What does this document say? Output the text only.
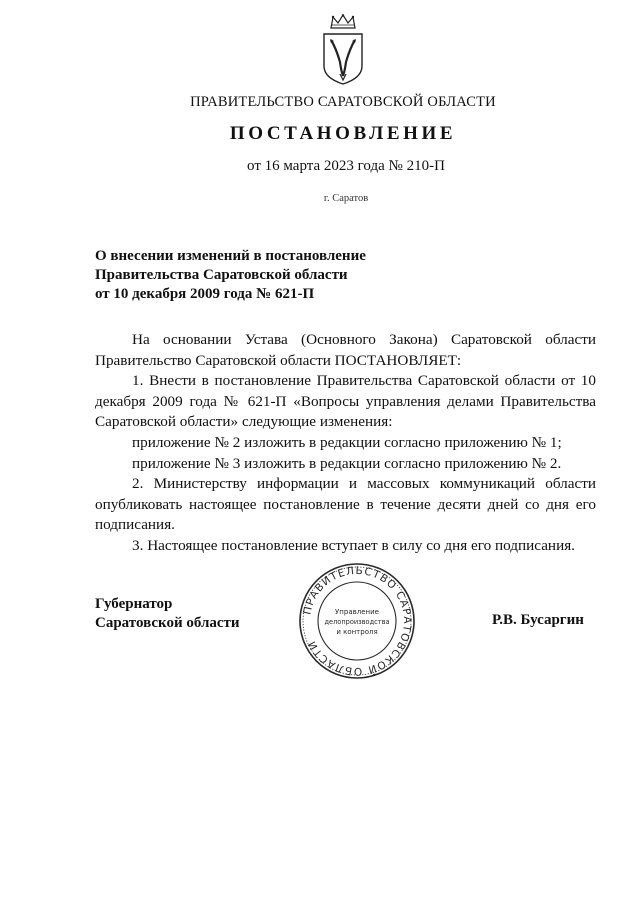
ПРАВИТЕЛЬСТВО САРАТОВСКОЙ ОБЛАСТИ
ПОСТАНОВЛЕНИЕ
от 16 марта 2023 года № 210-П
г. Саратов
О внесении изменений в постановление
Правительства Саратовской области
от 10 декабря 2009 года № 621-П

На основании Устава (Основного Закона) Саратовской области Правительство Саратовской области ПОСТАНОВЛЯЕТ:

1. Внести в постановление Правительства Саратовской области от 10 декабря 2009 года № 621-П «Вопросы управления делами Правительства Саратовской области» следующие изменения:

приложение № 2 изложить в редакции согласно приложению № 1;

приложение № 3 изложить в редакции согласно приложению № 2.

2. Министерству информации и массовых коммуникаций области опубликовать настоящее постановление в течение десяти дней со дня его подписания.

3. Настоящее постановление вступает в силу со дня его подписания.

Губернатор
Саратовской области
ПРАВИТЕЛЬСТВО САРАТОВСКОЙ ОБЛАСТИ
Управление
делопроизводства
и контроля
Р.В. Бусаргин
